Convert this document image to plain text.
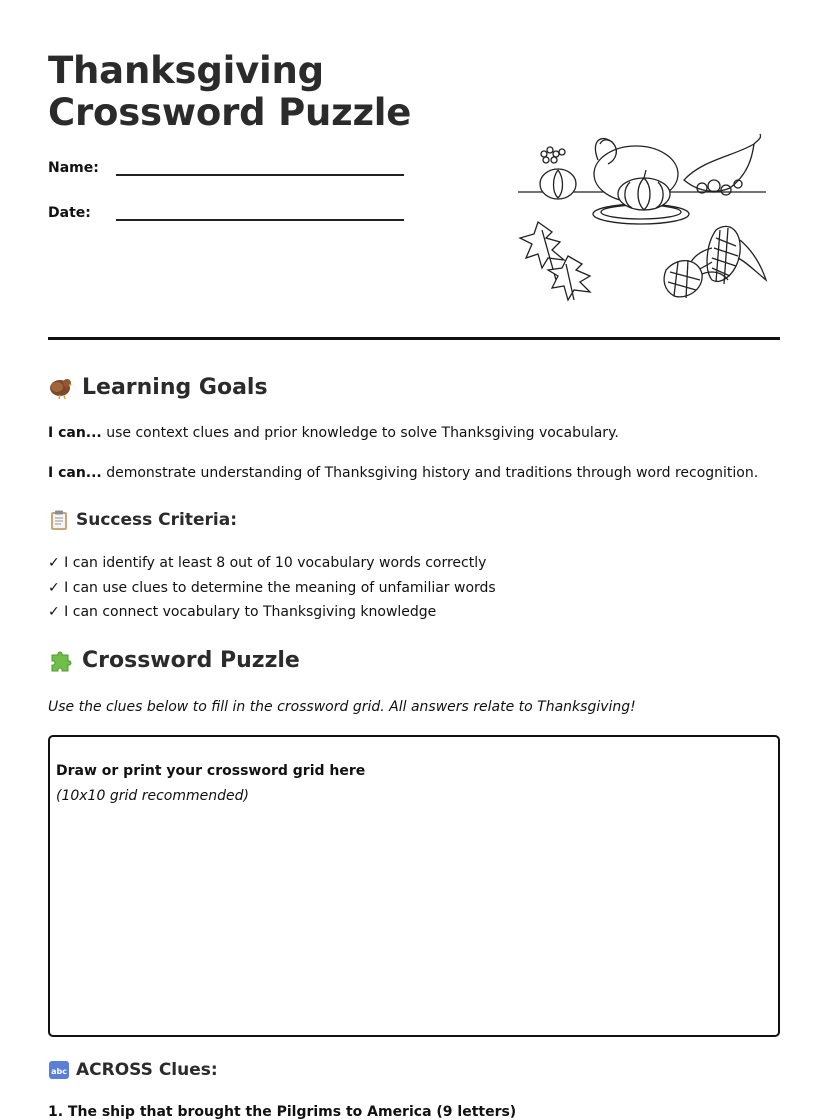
Thanksgiving Crossword Puzzle
Name:
Date:
Learning Goals

I can... use context clues and prior knowledge to solve Thanksgiving vocabulary.

I can... demonstrate understanding of Thanksgiving history and traditions through word recognition.

Success Criteria:
✓ I can identify at least 8 out of 10 vocabulary words correctly
✓ I can use clues to determine the meaning of unfamiliar words
✓ I can connect vocabulary to Thanksgiving knowledge
Crossword Puzzle

Use the clues below to fill in the crossword grid. All answers relate to Thanksgiving!

Draw or print your crossword grid here
(10x10 grid recommended)
abc ACROSS Clues:
1. The ship that brought the Pilgrims to America (9 letters)
